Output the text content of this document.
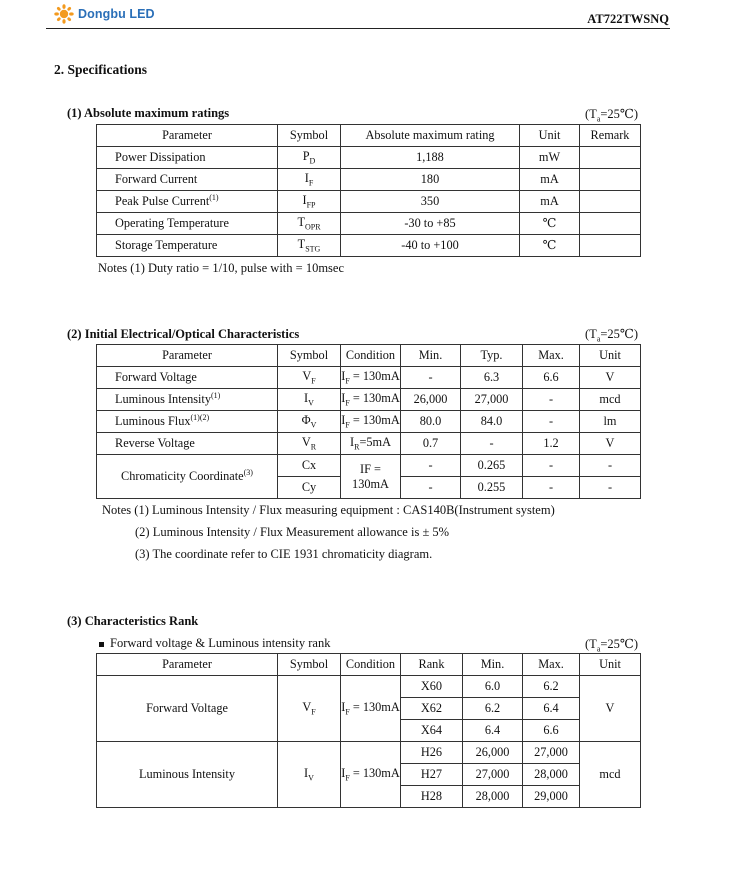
Dongbu LED	AT722TWSNQ
2. Specifications
(1) Absolute maximum ratings	$(T_a=25℃)$
Parameter	Symbol	Absolute maximum rating	Unit	Remark
Power Dissipation	$P_D$	1,188	mW	
Forward Current	$I_F$	180	mA	
Peak Pulse Current$^{(1)}$	$I_{FP}$	350	mA	
Operating Temperature	$T_{OPR}$	-30 to +85	℃	
Storage Temperature	$T_{STG}$	-40 to +100	℃	
Notes (1) Duty ratio = 1/10, pulse with = 10msec
(2) Initial Electrical/Optical Characteristics	$(T_a=25℃)$
Parameter	Symbol	Condition	Min.	Typ.	Max.	Unit
Forward Voltage	$V_F$	$I_F = 130mA$	-	6.3	6.6	V
Luminous Intensity$^{(1)}$	$I_V$	$I_F = 130mA$	26,000	27,000	-	mcd
Luminous Flux$^{(1)(2)}$	$\Phi_V$	$I_F = 130mA$	80.0	84.0	-	lm
Reverse Voltage	$V_R$	$I_R=5mA$	0.7	-	1.2	V
Chromaticity Coordinate$^{(3)}$	Cx	IF = 130mA	-	0.265	-	-
	Cy		-	0.255	-	-
Notes (1) Luminous Intensity / Flux measuring equipment : CAS140B(Instrument system)
(2) Luminous Intensity / Flux Measurement allowance is ± 5%
(3) The coordinate refer to CIE 1931 chromaticity diagram.
(3) Characteristics Rank
Forward voltage & Luminous intensity rank	$(T_a=25℃)$
Parameter	Symbol	Condition	Rank	Min.	Max.	Unit
Forward Voltage	$V_F$	$I_F = 130mA$	X60	6.0	6.2	V
			X62	6.2	6.4	
			X64	6.4	6.6	
Luminous Intensity	$I_V$	$I_F = 130mA$	H26	26,000	27,000	mcd
			H27	27,000	28,000	
			H28	28,000	29,000	
